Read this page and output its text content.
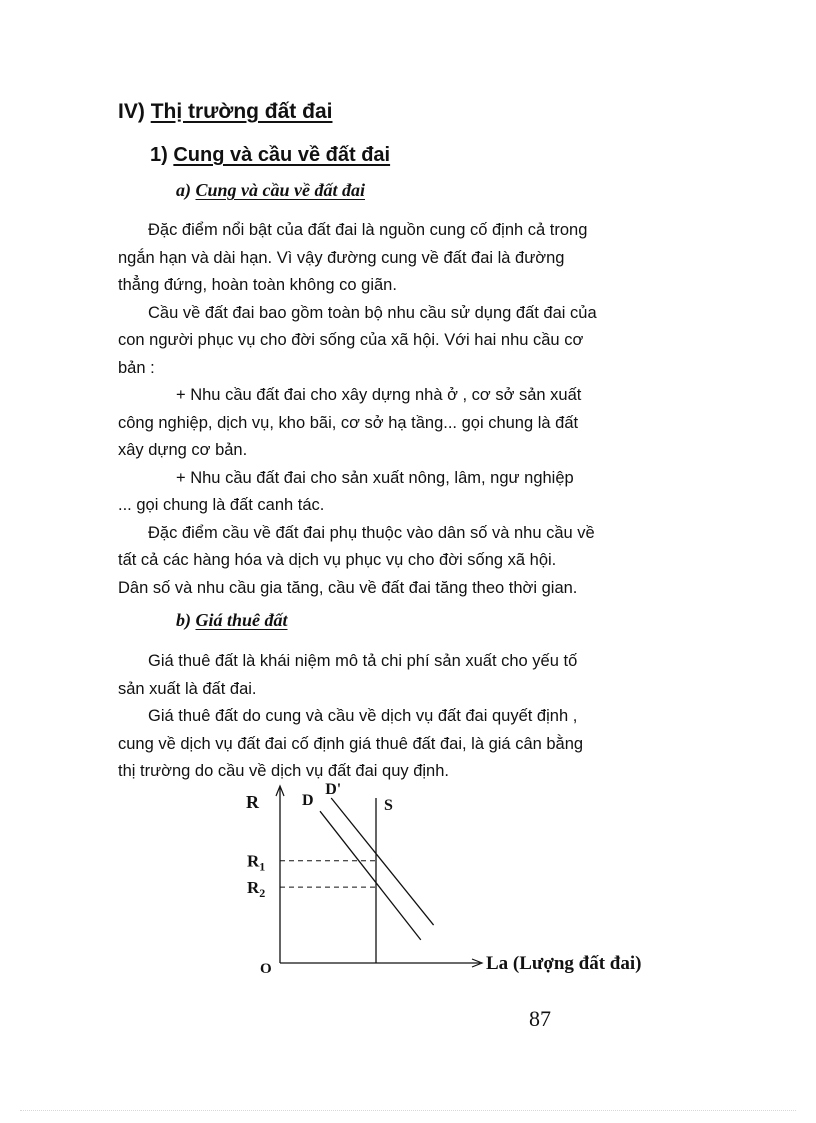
IV) Thị trường đất đai
1) Cung và cầu về đất đai
a) Cung và cầu về đất đai
Đặc điểm nổi bật của đất đai là nguồn cung cố định cả trong
ngắn hạn và dài hạn. Vì vậy đường cung về đất đai là đường
thẳng đứng, hoàn toàn không co giãn.
Cầu về đất đai bao gồm toàn bộ nhu cầu sử dụng đất đai của
con người phục vụ cho đời sống của xã hội. Với hai nhu cầu cơ
bản :
+ Nhu cầu đất đai cho xây dựng nhà ở , cơ sở sản xuất
công nghiệp, dịch vụ, kho bãi, cơ sở hạ tầng... gọi chung là đất
xây dựng cơ bản.
+ Nhu cầu đất đai cho sản xuất nông, lâm, ngư nghiệp
... gọi chung là đất canh tác.
Đặc điểm cầu về đất đai phụ thuộc vào dân số và nhu cầu về
tất cả các hàng hóa và dịch vụ phục vụ cho đời sống xã hội.
Dân số và nhu cầu gia tăng, cầu về đất đai tăng theo thời gian.
b) Giá thuê đất
Giá thuê đất là khái niệm mô tả chi phí sản xuất cho yếu tố
sản xuất là đất đai.
Giá thuê đất do cung và cầu về dịch vụ đất đai quyết định ,
cung về dịch vụ đất đai cố định giá thuê đất đai, là giá cân bằng
thị trường do cầu về dịch vụ đất đai quy định.
R
La (Lượng đất đai)
O
S
D
D'
$R_1$
$R_2$
87
